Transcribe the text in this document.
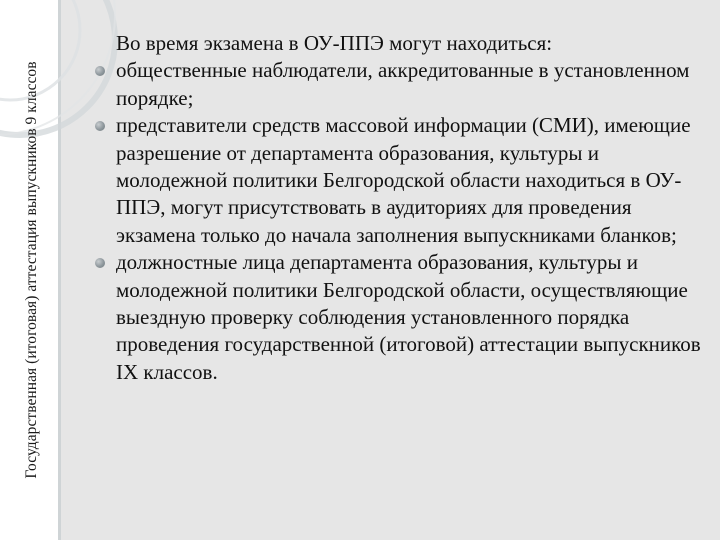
Государственная (итоговая) аттестация выпускников 9 классов

Во время экзамена в ОУ-ППЭ могут находиться:

общественные наблюдатели, аккредитованные в установленном порядке;
представители средств массовой информации (СМИ), имеющие разрешение от департамента образования, культуры и молодежной политики Белгородской области находиться в ОУ-ППЭ, могут присутствовать в аудиториях для проведения экзамена только до начала заполнения выпускниками бланков;
должностные лица департамента образования, культуры и молодежной политики Белгородской области, осуществляющие выездную проверку соблюдения установленного порядка проведения государственной (итоговой) аттестации выпускников IX классов.
